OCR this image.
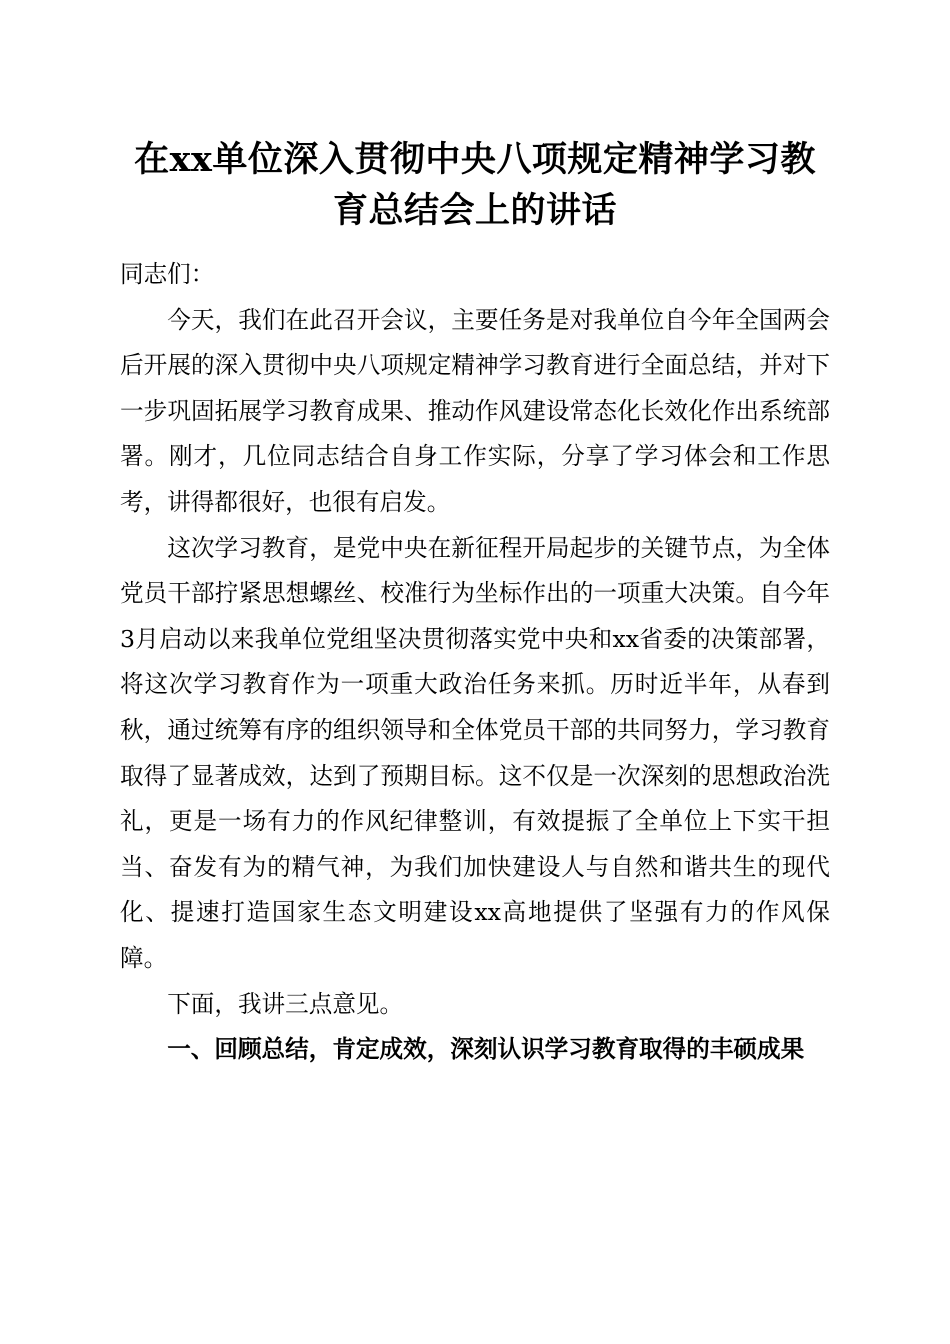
在xx单位深入贯彻中央八项规定精神学习教育总结会上的讲话

同志们：

今天，我们在此召开会议，主要任务是对我单位自今年全国两会后开展的深入贯彻中央八项规定精神学习教育进行全面总结，并对下一步巩固拓展学习教育成果、推动作风建设常态化长效化作出系统部署。刚才，几位同志结合自身工作实际，分享了学习体会和工作思考，讲得都很好，也很有启发。

这次学习教育，是党中央在新征程开局起步的关键节点，为全体党员干部拧紧思想螺丝、校准行为坐标作出的一项重大决策。自今年3月启动以来我单位党组坚决贯彻落实党中央和xx省委的决策部署，将这次学习教育作为一项重大政治任务来抓。历时近半年，从春到秋，通过统筹有序的组织领导和全体党员干部的共同努力，学习教育取得了显著成效，达到了预期目标。这不仅是一次深刻的思想政治洗礼，更是一场有力的作风纪律整训，有效提振了全单位上下实干担当、奋发有为的精气神，为我们加快建设人与自然和谐共生的现代化、提速打造国家生态文明建设xx高地提供了坚强有力的作风保障。

下面，我讲三点意见。

一、回顾总结，肯定成效，深刻认识学习教育取得的丰硕成果
